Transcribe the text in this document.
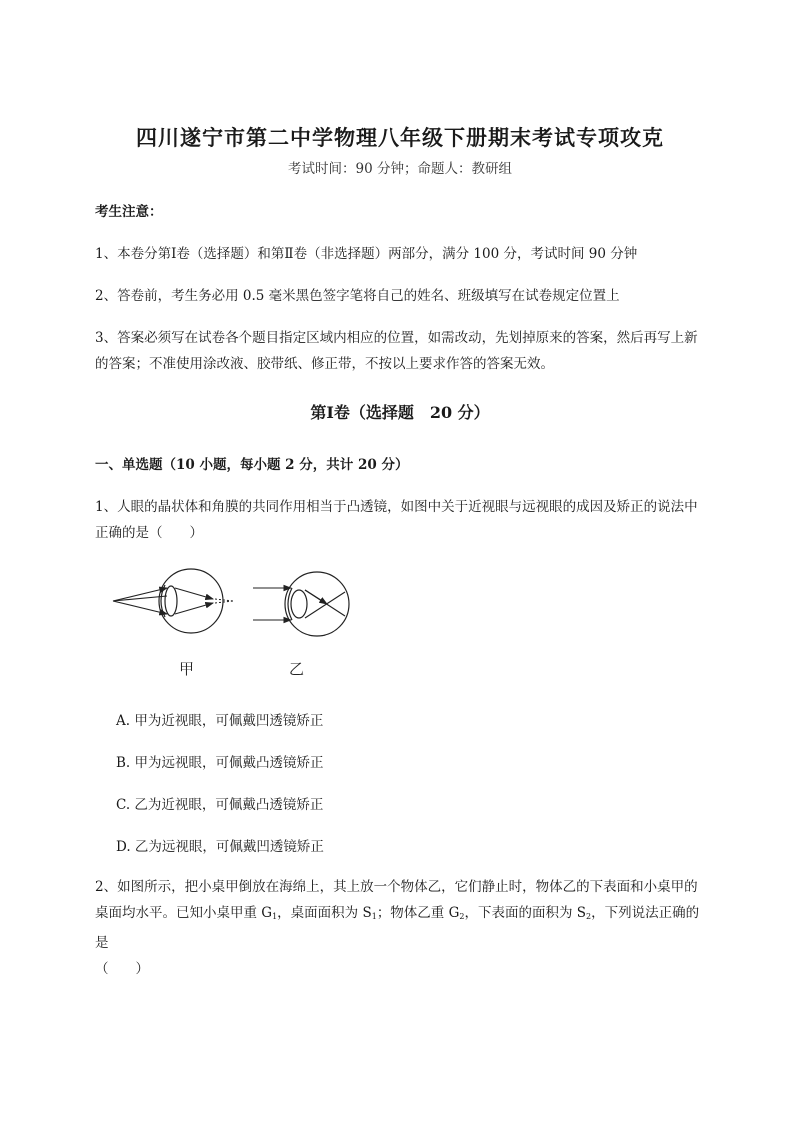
四川遂宁市第二中学物理八年级下册期末考试专项攻克
考试时间：90 分钟；命题人：教研组
考生注意：
1、本卷分第Ⅰ卷（选择题）和第Ⅱ卷（非选择题）两部分，满分 100 分，考试时间 90 分钟
2、答卷前，考生务必用 0.5 毫米黑色签字笔将自己的姓名、班级填写在试卷规定位置上
3、答案必须写在试卷各个题目指定区域内相应的位置，如需改动，先划掉原来的答案，然后再写上新的答案；不准使用涂改液、胶带纸、修正带，不按以上要求作答的答案无效。
第Ⅰ卷（选择题　20 分）
一、单选题（10 小题，每小题 2 分，共计 20 分）
1、人眼的晶状体和角膜的共同作用相当于凸透镜，如图中关于近视眼与远视眼的成因及矫正的说法中正确的是（　　）
甲	乙
A. 甲为近视眼，可佩戴凹透镜矫正
B. 甲为远视眼，可佩戴凸透镜矫正
C. 乙为近视眼，可佩戴凸透镜矫正
D. 乙为远视眼，可佩戴凹透镜矫正
2、如图所示，把小桌甲倒放在海绵上，其上放一个物体乙，它们静止时，物体乙的下表面和小桌甲的
桌面均水平。已知小桌甲重 $G_1$，桌面面积为 $S_1$；物体乙重 $G_2$，下表面的面积为 $S_2$，下列说法正确的是
（　　）
